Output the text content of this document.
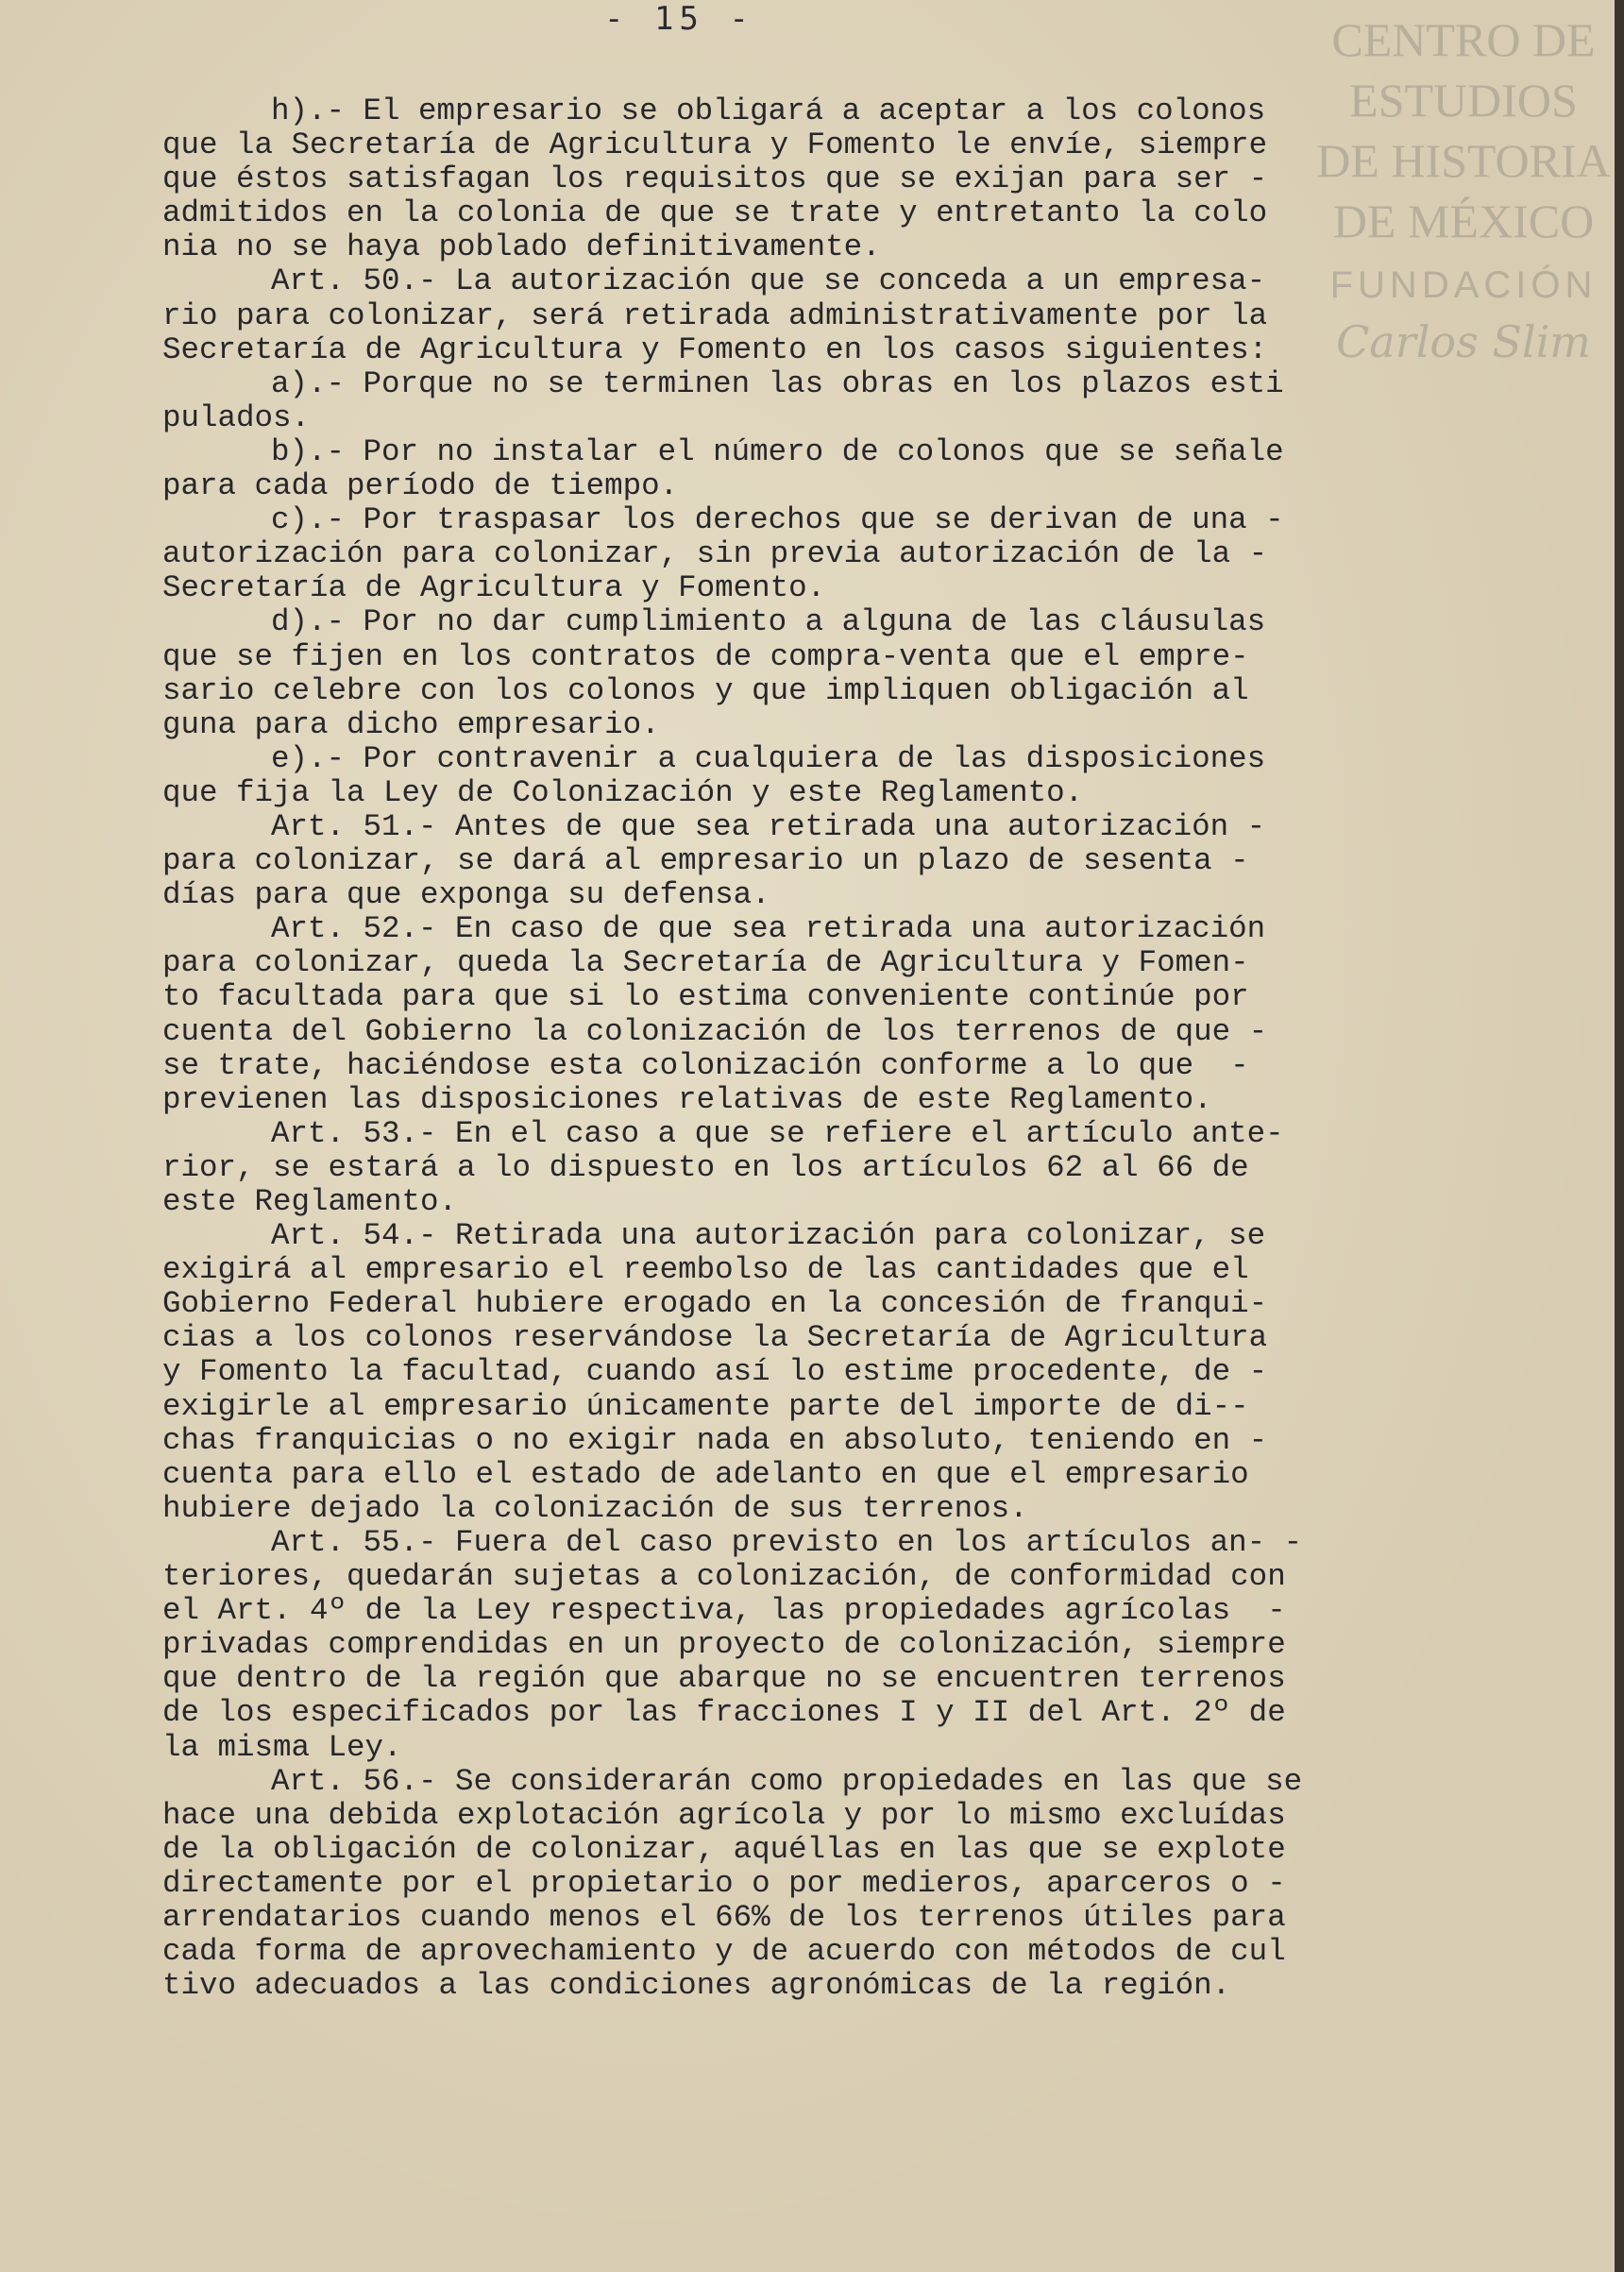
- 15 -	CENTRO DE
ESTUDIOS
DE HISTORIA
DE MÉXICO
FUNDACIÓN
Carlos Slim
h).- El empresario se obligará a aceptar a los colonos
que la Secretaría de Agricultura y Fomento le envíe, siempre
que éstos satisfagan los requisitos que se exijan para ser -
admitidos en la colonia de que se trate y entretanto la colo
nia no se haya poblado definitivamente.
Art. 50.- La autorización que se conceda a un empresa-
rio para colonizar, será retirada administrativamente por la
Secretaría de Agricultura y Fomento en los casos siguientes:
a).- Porque no se terminen las obras en los plazos esti
pulados.
b).- Por no instalar el número de colonos que se señale
para cada período de tiempo.
c).- Por traspasar los derechos que se derivan de una -
autorización para colonizar, sin previa autorización de la -
Secretaría de Agricultura y Fomento.
d).- Por no dar cumplimiento a alguna de las cláusulas
que se fijen en los contratos de compra-venta que el empre-
sario celebre con los colonos y que impliquen obligación al
guna para dicho empresario.
e).- Por contravenir a cualquiera de las disposiciones
que fija la Ley de Colonización y este Reglamento.
Art. 51.- Antes de que sea retirada una autorización -
para colonizar, se dará al empresario un plazo de sesenta -
días para que exponga su defensa.
Art. 52.- En caso de que sea retirada una autorización
para colonizar, queda la Secretaría de Agricultura y Fomen-
to facultada para que si lo estima conveniente continúe por
cuenta del Gobierno la colonización de los terrenos de que -
se trate, haciéndose esta colonización conforme a lo que  -
previenen las disposiciones relativas de este Reglamento.
Art. 53.- En el caso a que se refiere el artículo ante-
rior, se estará a lo dispuesto en los artículos 62 al 66 de
este Reglamento.
Art. 54.- Retirada una autorización para colonizar, se
exigirá al empresario el reembolso de las cantidades que el
Gobierno Federal hubiere erogado en la concesión de franqui-
cias a los colonos reservándose la Secretaría de Agricultura
y Fomento la facultad, cuando así lo estime procedente, de -
exigirle al empresario únicamente parte del importe de di--
chas franquicias o no exigir nada en absoluto, teniendo en -
cuenta para ello el estado de adelanto en que el empresario
hubiere dejado la colonización de sus terrenos.
Art. 55.- Fuera del caso previsto en los artículos an- -
teriores, quedarán sujetas a colonización, de conformidad con
el Art. 4º de la Ley respectiva, las propiedades agrícolas  -
privadas comprendidas en un proyecto de colonización, siempre
que dentro de la región que abarque no se encuentren terrenos
de los especificados por las fracciones I y II del Art. 2º de
la misma Ley.
Art. 56.- Se considerarán como propiedades en las que se
hace una debida explotación agrícola y por lo mismo excluídas
de la obligación de colonizar, aquéllas en las que se explote
directamente por el propietario o por medieros, aparceros o -
arrendatarios cuando menos el 66% de los terrenos útiles para
cada forma de aprovechamiento y de acuerdo con métodos de cul
tivo adecuados a las condiciones agronómicas de la región.
